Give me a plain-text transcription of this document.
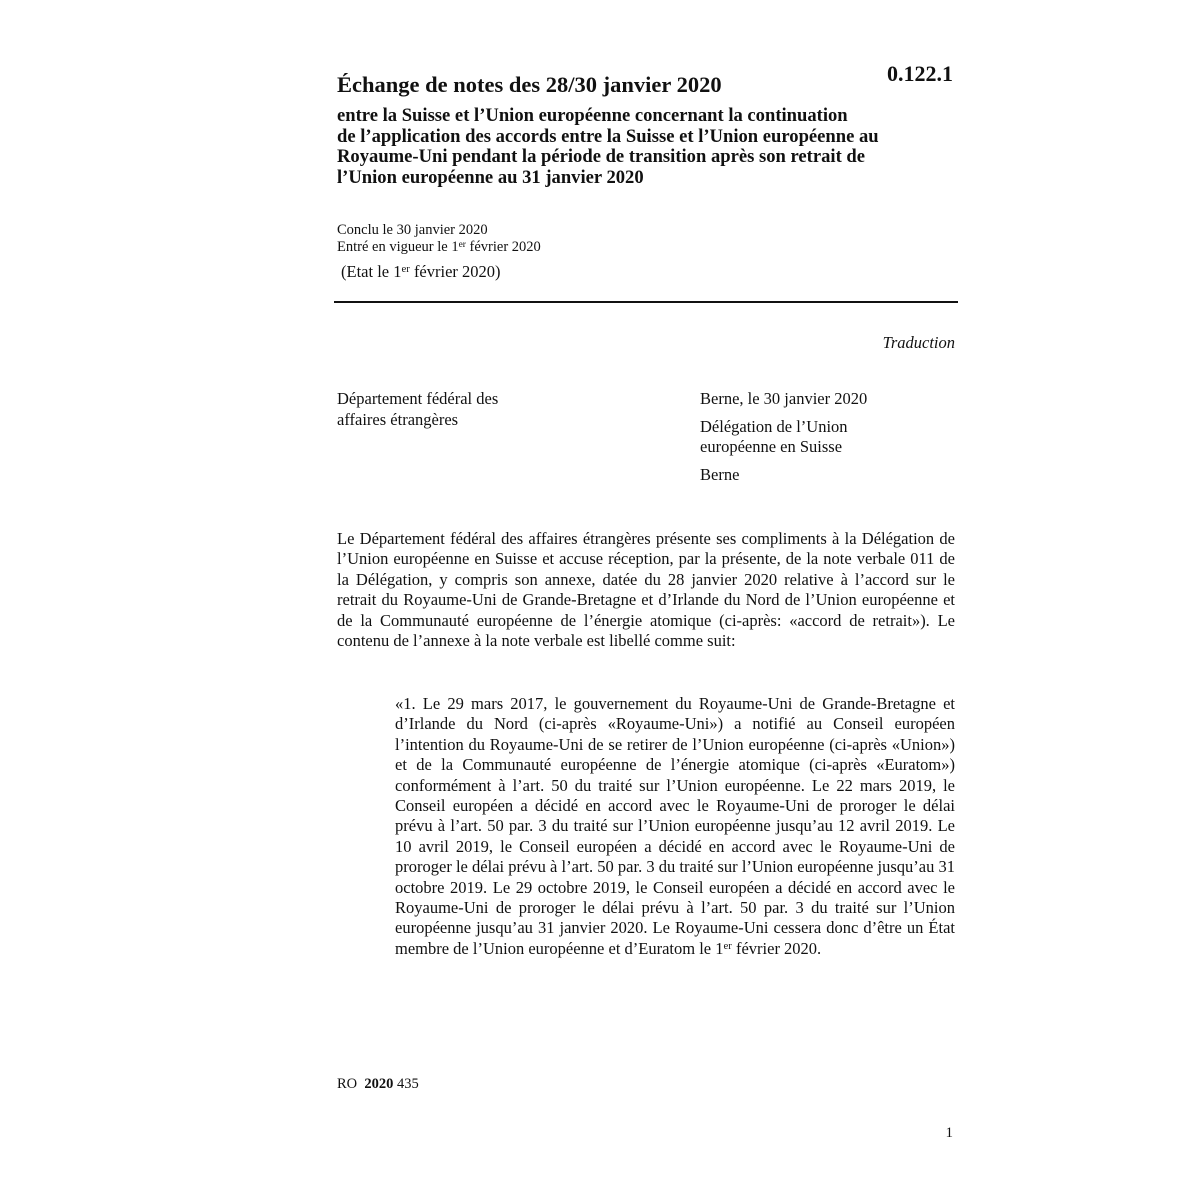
Échange de notes des 28/30 janvier 2020	0.122.1
entre la Suisse et l’Union européenne concernant la continuation
de l’application des accords entre la Suisse et l’Union européenne au
Royaume-Uni pendant la période de transition après son retrait de
l’Union européenne au 31 janvier 2020
Conclu le 30 janvier 2020
Entré en vigueur le 1er février 2020
(Etat le 1er février 2020)
Traduction
Département fédéral des
affaires étrangères
Berne, le 30 janvier 2020
Délégation de l’Union
européenne en Suisse
Berne
Le Département fédéral des affaires étrangères présente ses compliments à la Délégation de l’Union européenne en Suisse et accuse réception, par la présente, de la note verbale 011 de la Délégation, y compris son annexe, datée du 28 janvier 2020 relative à l’accord sur le retrait du Royaume-Uni de Grande-Bretagne et d’Irlande du Nord de l’Union européenne et de la Communauté européenne de l’énergie atomique (ci-après: «accord de retrait»). Le contenu de l’annexe à la note verbale est libellé comme suit:
«1. Le 29 mars 2017, le gouvernement du Royaume-Uni de Grande-Bretagne et d’Irlande du Nord (ci-après «Royaume-Uni») a notifié au Conseil européen l’intention du Royaume-Uni de se retirer de l’Union européenne (ci-après «Union») et de la Communauté européenne de l’énergie atomique (ci-après «Euratom») conformément à l’art. 50 du traité sur l’Union européenne. Le 22 mars 2019, le Conseil européen a décidé en accord avec le Royaume-Uni de proroger le délai prévu à l’art. 50 par. 3 du traité sur l’Union européenne jusqu’au 12 avril 2019. Le 10 avril 2019, le Conseil européen a décidé en accord avec le Royaume-Uni de proroger le délai prévu à l’art. 50 par. 3 du traité sur l’Union européenne jusqu’au 31 octobre 2019. Le 29 octobre 2019, le Conseil européen a décidé en accord avec le Royaume-Uni de proroger le délai prévu à l’art. 50 par. 3 du traité sur l’Union européenne jusqu’au 31 janvier 2020. Le Royaume-Uni cessera donc d’être un État membre de l’Union européenne et d’Euratom le 1er février 2020.
RO 2020 435
1
